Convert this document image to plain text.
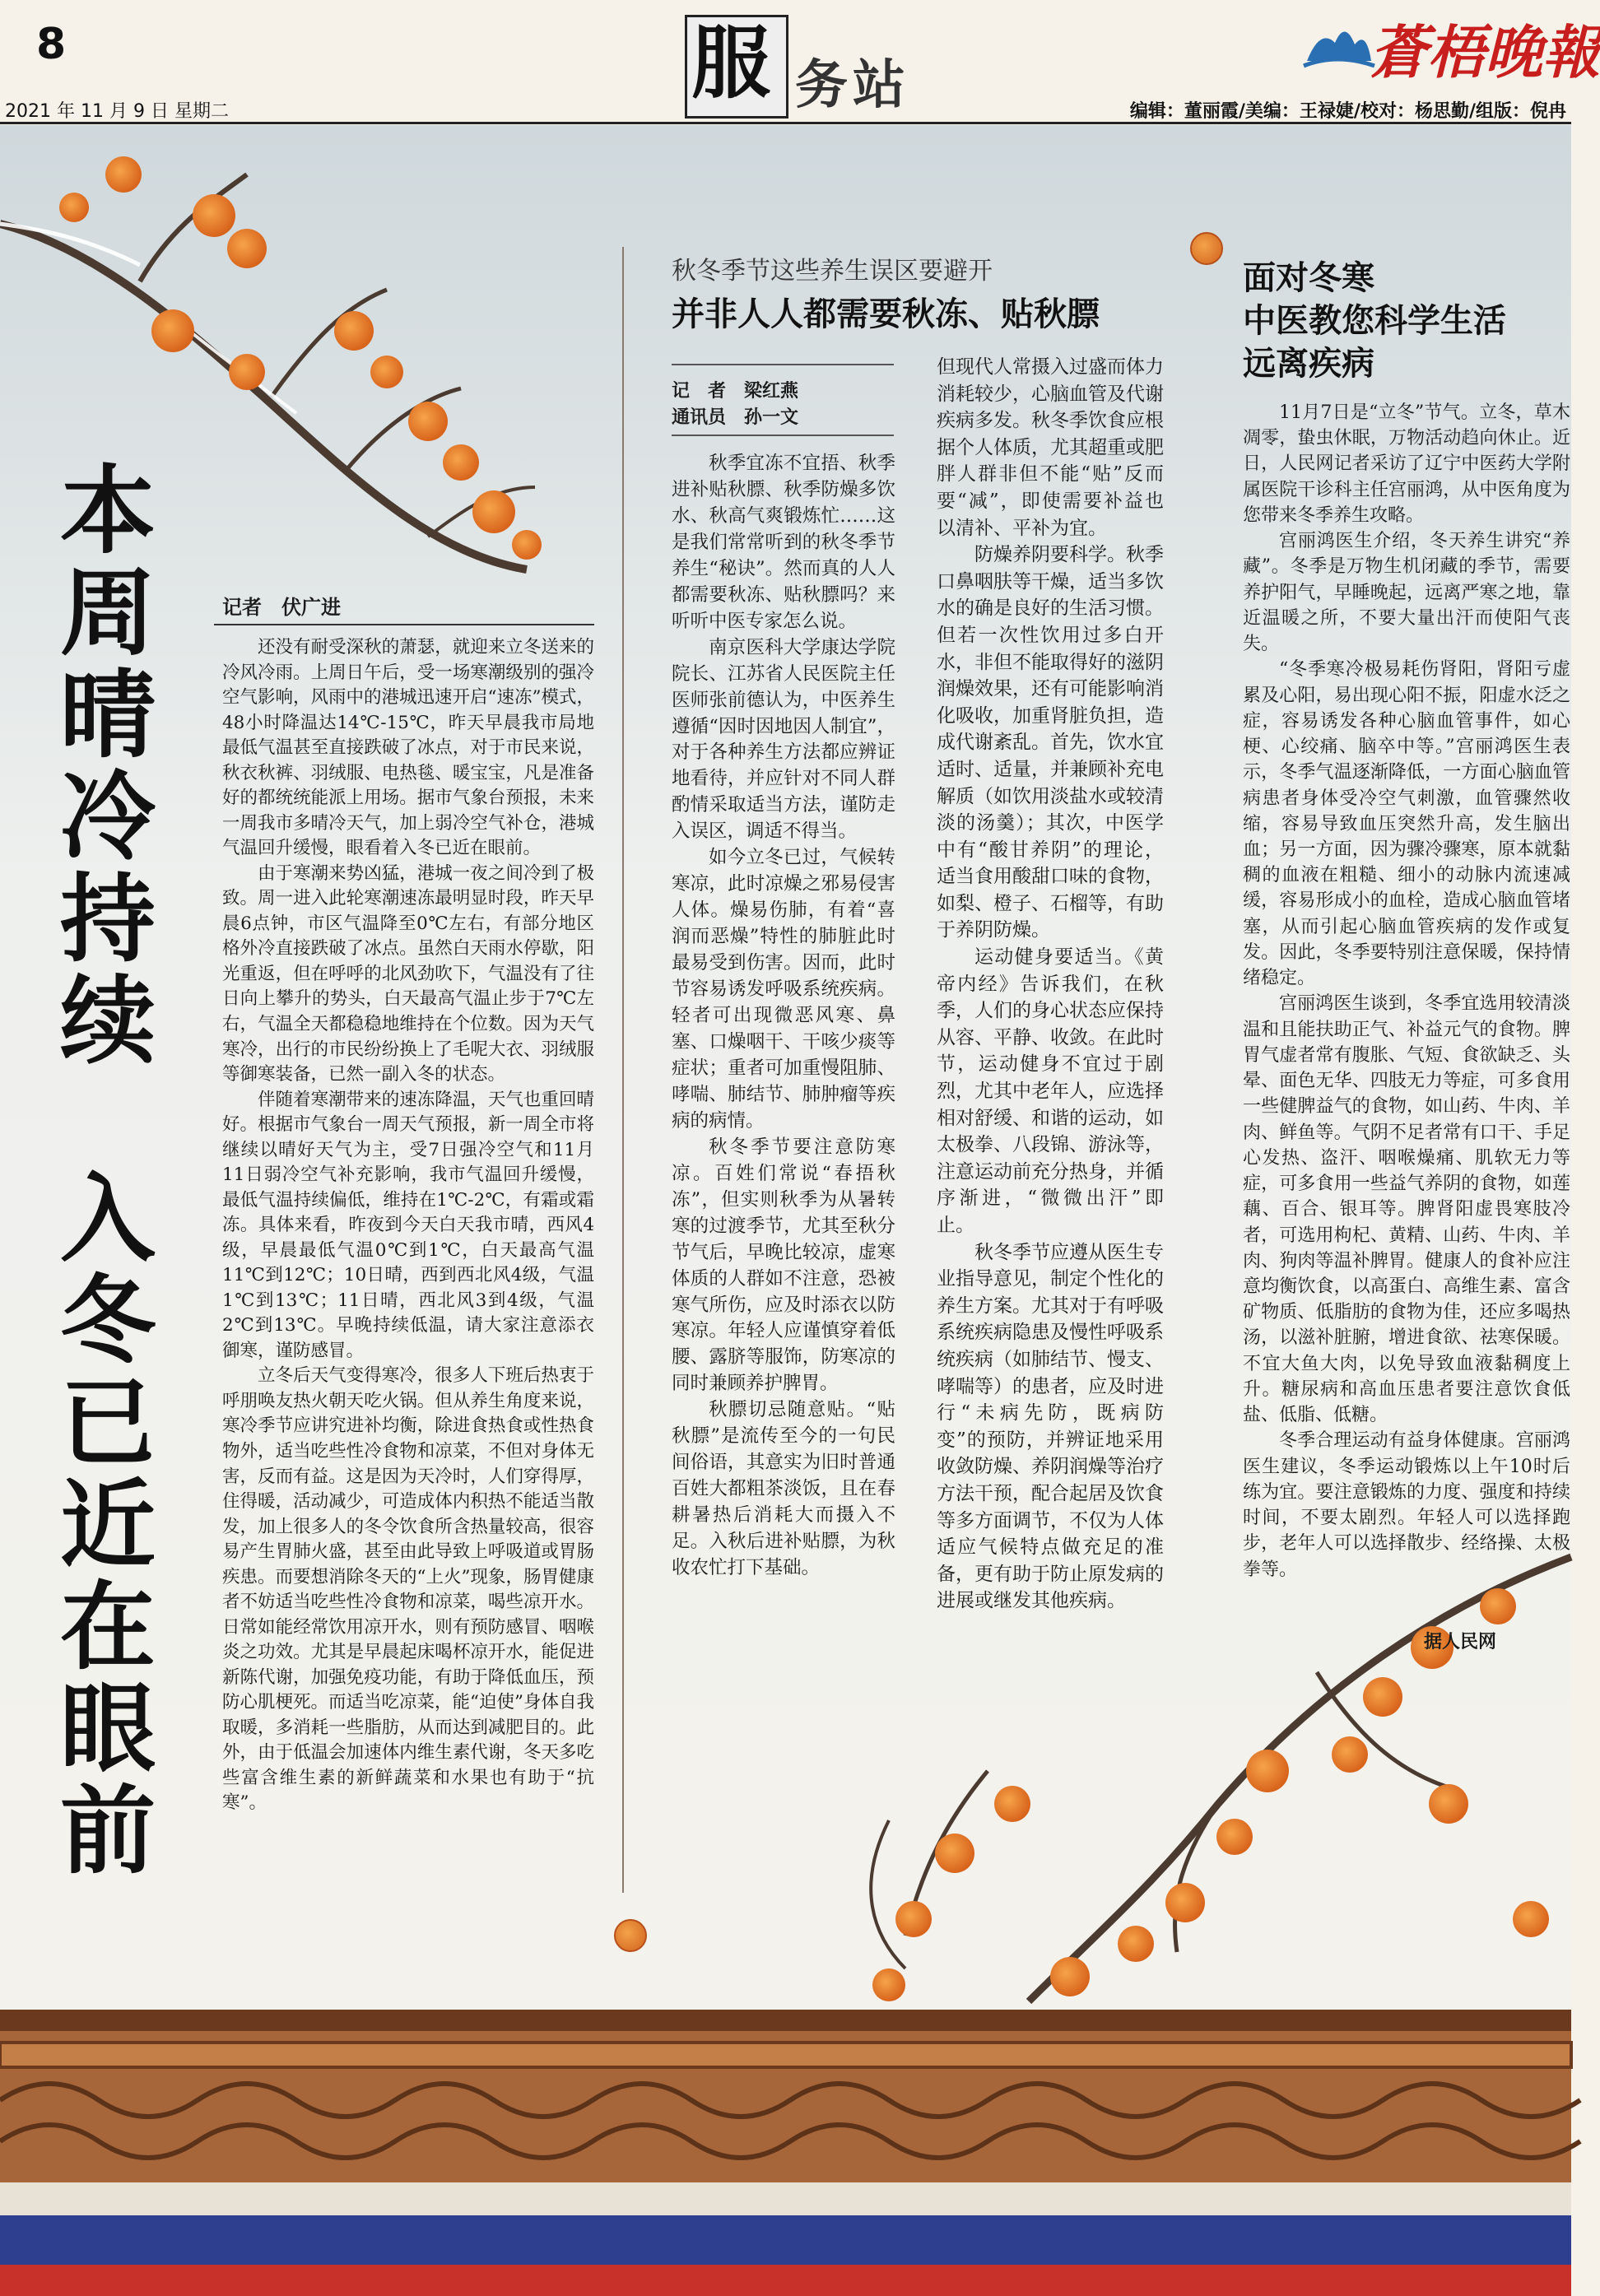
8
2021 年 11 月 9 日 星期二
服 务站	蒼梧晚報
编辑：董丽霞/美编：王禄婕/校对：杨思勤/组版：倪冉
本周晴冷持续
入冬已近在眼前
记者　伏广进

还没有耐受深秋的萧瑟，就迎来立冬送来的冷风冷雨。上周日午后，受一场寒潮级别的强冷空气影响，风雨中的港城迅速开启“速冻”模式，48小时降温达14℃-15℃，昨天早晨我市局地最低气温甚至直接跌破了冰点，对于市民来说，秋衣秋裤、羽绒服、电热毯、暖宝宝，凡是准备好的都统统能派上用场。据市气象台预报，未来一周我市多晴冷天气，加上弱冷空气补仓，港城气温回升缓慢，眼看着入冬已近在眼前。

由于寒潮来势凶猛，港城一夜之间冷到了极致。周一进入此轮寒潮速冻最明显时段，昨天早晨6点钟，市区气温降至0℃左右，有部分地区格外冷直接跌破了冰点。虽然白天雨水停歇，阳光重返，但在呼呼的北风劲吹下，气温没有了往日向上攀升的势头，白天最高气温止步于7℃左右，气温全天都稳稳地维持在个位数。因为天气寒冷，出行的市民纷纷换上了毛呢大衣、羽绒服等御寒装备，已然一副入冬的状态。

伴随着寒潮带来的速冻降温，天气也重回晴好。根据市气象台一周天气预报，新一周全市将继续以晴好天气为主，受7日强冷空气和11月11日弱冷空气补充影响，我市气温回升缓慢，最低气温持续偏低，维持在1℃-2℃，有霜或霜冻。具体来看，昨夜到今天白天我市晴，西风4级，早晨最低气温0℃到1℃，白天最高气温11℃到12℃；10日晴，西到西北风4级，气温1℃到13℃；11日晴，西北风3到4级，气温2℃到13℃。早晚持续低温，请大家注意添衣御寒，谨防感冒。

立冬后天气变得寒冷，很多人下班后热衷于呼朋唤友热火朝天吃火锅。但从养生角度来说，寒冷季节应讲究进补均衡，除进食热食或性热食物外，适当吃些性冷食物和凉菜，不但对身体无害，反而有益。这是因为天冷时，人们穿得厚，住得暖，活动减少，可造成体内积热不能适当散发，加上很多人的冬令饮食所含热量较高，很容易产生胃肺火盛，甚至由此导致上呼吸道或胃肠疾患。而要想消除冬天的“上火”现象，肠胃健康者不妨适当吃些性冷食物和凉菜，喝些凉开水。日常如能经常饮用凉开水，则有预防感冒、咽喉炎之功效。尤其是早晨起床喝杯凉开水，能促进新陈代谢，加强免疫功能，有助于降低血压，预防心肌梗死。而适当吃凉菜，能“迫使”身体自我取暖，多消耗一些脂肪，从而达到减肥目的。此外，由于低温会加速体内维生素代谢，冬天多吃些富含维生素的新鲜蔬菜和水果也有助于“抗寒”。

秋冬季节这些养生误区要避开
并非人人都需要秋冻、贴秋膘
记　者　梁红燕
通讯员　孙一文

秋季宜冻不宜捂、秋季进补贴秋膘、秋季防燥多饮水、秋高气爽锻炼忙……这是我们常常听到的秋冬季节养生“秘诀”。然而真的人人都需要秋冻、贴秋膘吗？来听听中医专家怎么说。

南京医科大学康达学院院长、江苏省人民医院主任医师张前德认为，中医养生遵循“因时因地因人制宜”，对于各种养生方法都应辨证地看待，并应针对不同人群酌情采取适当方法，谨防走入误区，调适不得当。

如今立冬已过，气候转寒凉，此时凉燥之邪易侵害人体。燥易伤肺，有着“喜润而恶燥”特性的肺脏此时最易受到伤害。因而，此时节容易诱发呼吸系统疾病。轻者可出现微恶风寒、鼻塞、口燥咽干、干咳少痰等症状；重者可加重慢阻肺、哮喘、肺结节、肺肿瘤等疾病的病情。

秋冬季节要注意防寒凉。百姓们常说“春捂秋冻”，但实则秋季为从暑转寒的过渡季节，尤其至秋分节气后，早晚比较凉，虚寒体质的人群如不注意，恐被寒气所伤，应及时添衣以防寒凉。年轻人应谨慎穿着低腰、露脐等服饰，防寒凉的同时兼顾养护脾胃。

秋膘切忌随意贴。“贴秋膘”是流传至今的一句民间俗语，其意实为旧时普通百姓大都粗茶淡饭，且在春耕暑热后消耗大而摄入不足。入秋后进补贴膘，为秋收农忙打下基础。

但现代人常摄入过盛而体力消耗较少，心脑血管及代谢疾病多发。秋冬季饮食应根据个人体质，尤其超重或肥胖人群非但不能“贴”反而要“减”，即使需要补益也以清补、平补为宜。

防燥养阴要科学。秋季口鼻咽肤等干燥，适当多饮水的确是良好的生活习惯。但若一次性饮用过多白开水，非但不能取得好的滋阴润燥效果，还有可能影响消化吸收，加重肾脏负担，造成代谢紊乱。首先，饮水宜适时、适量，并兼顾补充电解质（如饮用淡盐水或较清淡的汤羹）；其次，中医学中有“酸甘养阴”的理论，适当食用酸甜口味的食物，如梨、橙子、石榴等，有助于养阴防燥。

运动健身要适当。《黄帝内经》告诉我们，在秋季，人们的身心状态应保持从容、平静、收敛。在此时节，运动健身不宜过于剧烈，尤其中老年人，应选择相对舒缓、和谐的运动，如太极拳、八段锦、游泳等，注意运动前充分热身，并循序渐进，“微微出汗”即止。

秋冬季节应遵从医生专业指导意见，制定个性化的养生方案。尤其对于有呼吸系统疾病隐患及慢性呼吸系统疾病（如肺结节、慢支、哮喘等）的患者，应及时进行“未病先防，既病防变”的预防，并辨证地采用收敛防燥、养阴润燥等治疗方法干预，配合起居及饮食等多方面调节，不仅为人体适应气候特点做充足的准备，更有助于防止原发病的进展或继发其他疾病。

面对冬寒
中医教您科学生活
远离疾病

11月7日是“立冬”节气。立冬，草木凋零，蛰虫休眠，万物活动趋向休止。近日，人民网记者采访了辽宁中医药大学附属医院干诊科主任宫丽鸿，从中医角度为您带来冬季养生攻略。

宫丽鸿医生介绍，冬天养生讲究“养藏”。冬季是万物生机闭藏的季节，需要养护阳气，早睡晚起，远离严寒之地，靠近温暖之所，不要大量出汗而使阳气丧失。

“冬季寒冷极易耗伤肾阳，肾阳亏虚累及心阳，易出现心阳不振，阳虚水泛之症，容易诱发各种心脑血管事件，如心梗、心绞痛、脑卒中等。”宫丽鸿医生表示，冬季气温逐渐降低，一方面心脑血管病患者身体受冷空气刺激，血管骤然收缩，容易导致血压突然升高，发生脑出血；另一方面，因为骤冷骤寒，原本就黏稠的血液在粗糙、细小的动脉内流速减缓，容易形成小的血栓，造成心脑血管堵塞，从而引起心脑血管疾病的发作或复发。因此，冬季要特别注意保暖，保持情绪稳定。

宫丽鸿医生谈到，冬季宜选用较清淡温和且能扶助正气、补益元气的食物。脾胃气虚者常有腹胀、气短、食欲缺乏、头晕、面色无华、四肢无力等症，可多食用一些健脾益气的食物，如山药、牛肉、羊肉、鲜鱼等。气阴不足者常有口干、手足心发热、盗汗、咽喉燥痛、肌软无力等症，可多食用一些益气养阴的食物，如莲藕、百合、银耳等。脾肾阳虚畏寒肢冷者，可选用枸杞、黄精、山药、牛肉、羊肉、狗肉等温补脾胃。健康人的食补应注意均衡饮食，以高蛋白、高维生素、富含矿物质、低脂肪的食物为佳，还应多喝热汤，以滋补脏腑，增进食欲、祛寒保暖。不宜大鱼大肉，以免导致血液黏稠度上升。糖尿病和高血压患者要注意饮食低盐、低脂、低糖。

冬季合理运动有益身体健康。宫丽鸿医生建议，冬季运动锻炼以上午10时后练为宜。要注意锻炼的力度、强度和持续时间，不要太剧烈。年轻人可以选择跑步，老年人可以选择散步、经络操、太极拳等。

据人民网
